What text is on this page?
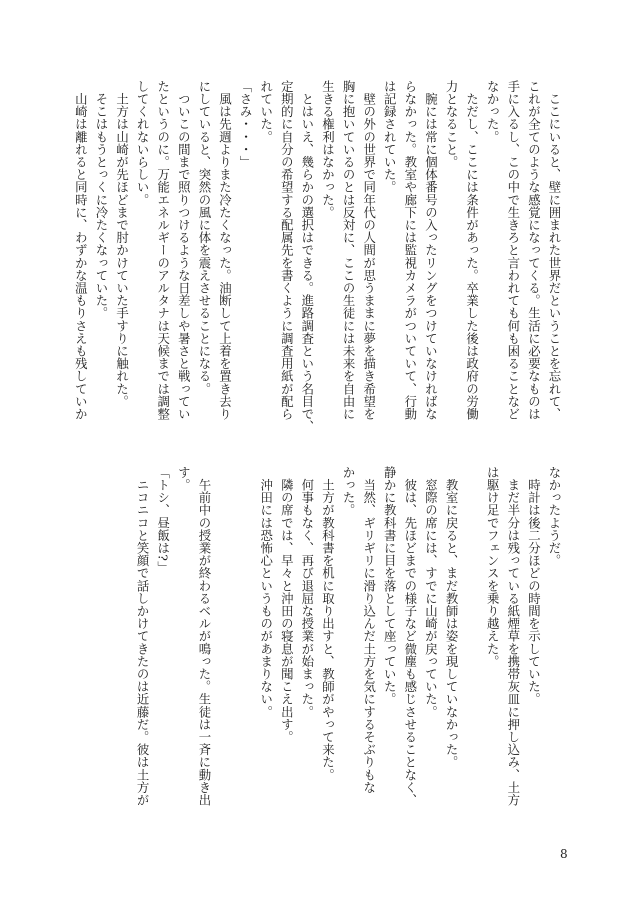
　ここにいると、壁に囲まれた世界だということを忘れて、
これが全てのような感覚になってくる。生活に必要なものは
手に入るし、この中で生きろと言われても何も困ることなど
なかった。
　ただし、ここには条件があった。卒業した後は政府の労働
力となること。
　腕には常に個体番号の入ったリングをつけていなければな
らなかった。教室や廊下には監視カメラがついていて、行動
は記録されていた。
　壁の外の世界で同年代の人間が思うままに夢を描き希望を
胸に抱いているのとは反対に、ここの生徒には未来を自由に
生きる権利はなかった。
　とはいえ、幾らかの選択はできる。進路調査という名目で、
定期的に自分の希望する配属先を書くように調査用紙が配ら
れていた。
「さみ・・・」
　風は先週よりまた冷たくなった。油断して上着を置き去り
にしていると、突然の風に体を震えさせることになる。
　ついこの間まで照りつけるような日差しや暑さと戦ってい
たというのに。万能エネルギーのアルタナは天候までは調整
してくれないらしい。
　土方は山崎が先ほどまで肘かけていた手すりに触れた。
　そこはもうとっくに冷たくなっていた。
　山崎は離れると同時に、わずかな温もりさえも残していか
なかったようだ。
　時計は後二分ほどの時間を示していた。
　まだ半分は残っている紙煙草を携帯灰皿に押し込み、土方
は駆け足でフェンスを乗り越えた。

　教室に戻ると、まだ教師は姿を現していなかった。
　窓際の席には、すでに山崎が戻っていた。
　彼は、先ほどまでの様子など微塵も感じさせることなく、
静かに教科書に目を落として座っていた。
　当然、ギリギリに滑り込んだ土方を気にするそぶりもな
かった。
　土方が教科書を机に取り出すと、教師がやって来た。
　何事もなく、再び退屈な授業が始まった。
　隣の席では、早々と沖田の寝息が聞こえ出す。
　沖田には恐怖心というものがあまりない。

　午前中の授業が終わるベルが鳴った。生徒は一斉に動き出
す。
「トシ、昼飯は?」
　ニコニコと笑顔で話しかけてきたのは近藤だ。彼は土方が
8
